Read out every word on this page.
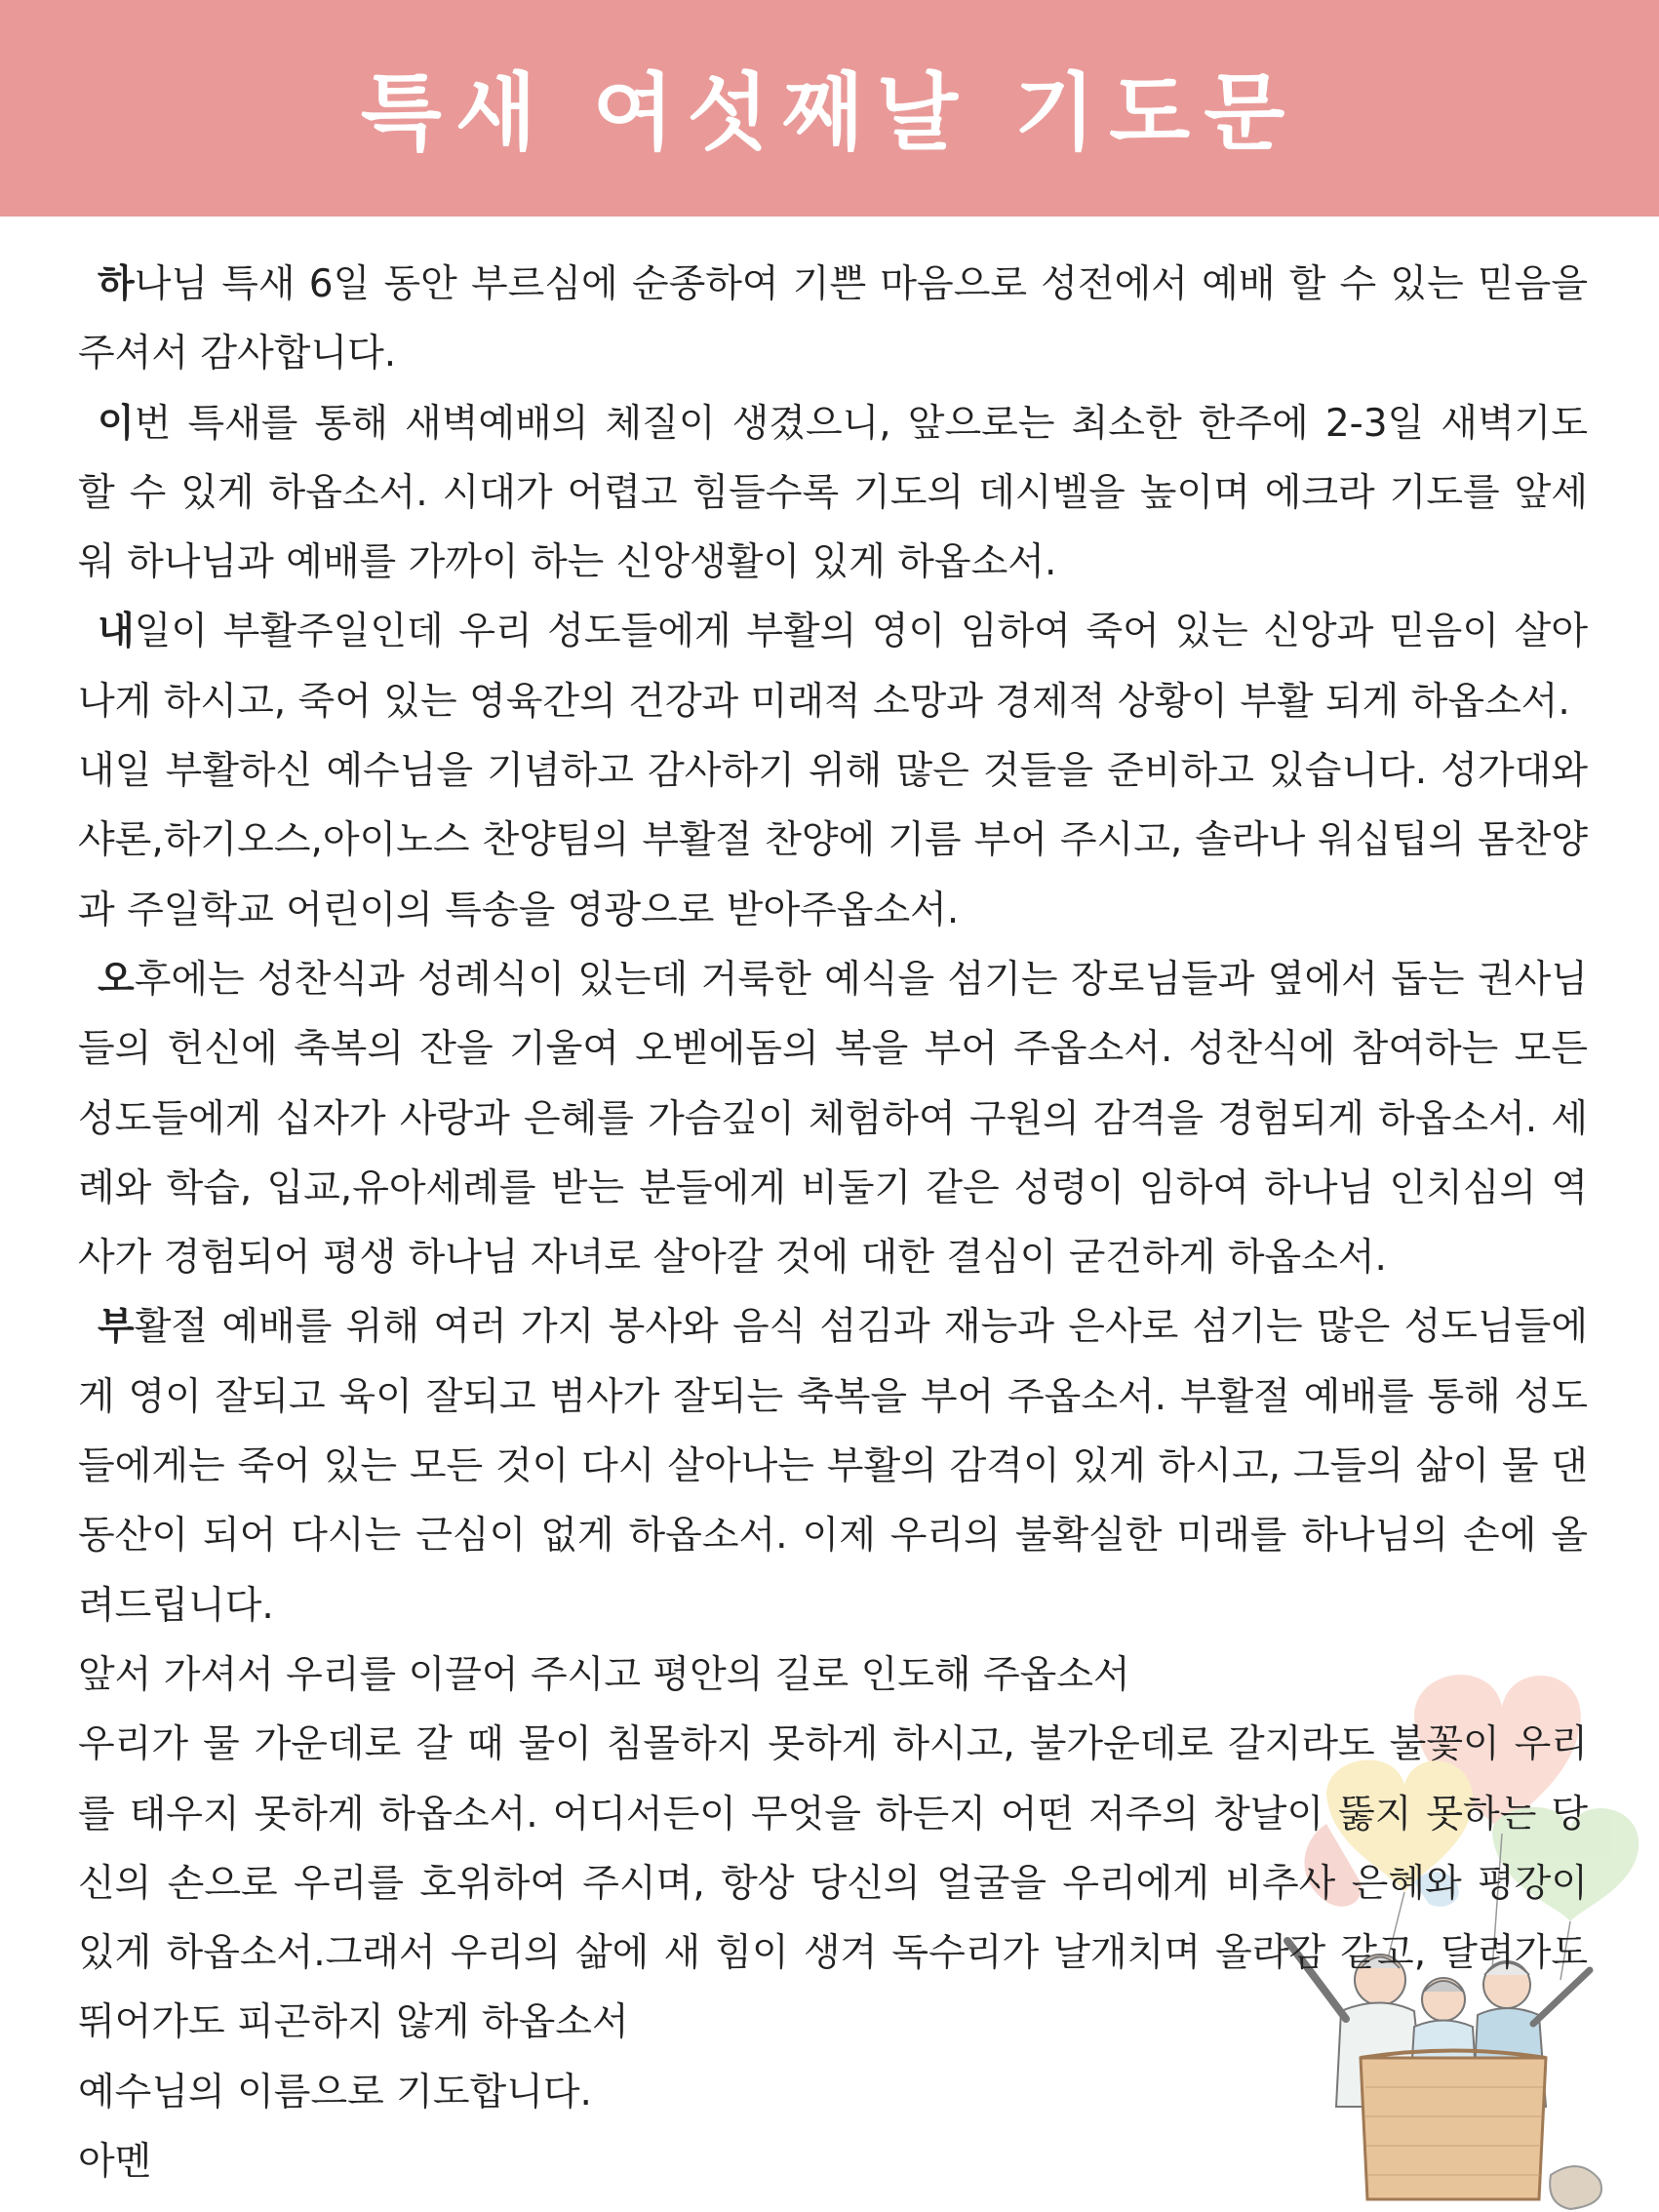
특새 여섯째날 기도문

하나님 특새 6일 동안 부르심에 순종하여 기쁜 마음으로 성전에서 예배 할 수 있는 믿음을 주셔서 감사합니다.

이번 특새를 통해 새벽예배의 체질이 생겼으니, 앞으로는 최소한 한주에 2-3일 새벽기도 할 수 있게 하옵소서. 시대가 어렵고 힘들수록 기도의 데시벨을 높이며 에크라 기도를 앞세워 하나님과 예배를 가까이 하는 신앙생활이 있게 하옵소서.

내일이 부활주일인데 우리 성도들에게 부활의 영이 임하여 죽어 있는 신앙과 믿음이 살아나게 하시고, 죽어 있는 영육간의 건강과 미래적 소망과 경제적 상황이 부활 되게 하옵소서.

내일 부활하신 예수님을 기념하고 감사하기 위해 많은 것들을 준비하고 있습니다. 성가대와 샤론,하기오스,아이노스 찬양팀의 부활절 찬양에 기름 부어 주시고, 솔라나 워십팁의 몸찬양과 주일학교 어린이의 특송을 영광으로 받아주옵소서.

오후에는 성찬식과 성례식이 있는데 거룩한 예식을 섬기는 장로님들과 옆에서 돕는 권사님들의 헌신에 축복의 잔을 기울여 오벧에돔의 복을 부어 주옵소서. 성찬식에 참여하는 모든 성도들에게 십자가 사랑과 은혜를 가슴깊이 체험하여 구원의 감격을 경험되게 하옵소서. 세례와 학습, 입교,유아세례를 받는 분들에게 비둘기 같은 성령이 임하여 하나님 인치심의 역사가 경험되어 평생 하나님 자녀로 살아갈 것에 대한 결심이 굳건하게 하옵소서.

부활절 예배를 위해 여러 가지 봉사와 음식 섬김과 재능과 은사로 섬기는 많은 성도님들에게 영이 잘되고 육이 잘되고 범사가 잘되는 축복을 부어 주옵소서. 부활절 예배를 통해 성도들에게는 죽어 있는 모든 것이 다시 살아나는 부활의 감격이 있게 하시고, 그들의 삶이 물 댄 동산이 되어 다시는 근심이 없게 하옵소서. 이제 우리의 불확실한 미래를 하나님의 손에 올려드립니다.

앞서 가셔서 우리를 이끌어 주시고 평안의 길로 인도해 주옵소서

우리가 물 가운데로 갈 때 물이 침몰하지 못하게 하시고, 불가운데로 갈지라도 불꽃이 우리를 태우지 못하게 하옵소서. 어디서든이 무엇을 하든지 어떤 저주의 창날이 뚫지 못하는 당신의 손으로 우리를 호위하여 주시며, 항상 당신의 얼굴을 우리에게 비추사 은혜와 평강이 있게 하옵소서.그래서 우리의 삶에 새 힘이 생겨 독수리가 날개치며 올라감 같고, 달려가도 뛰어가도 피곤하지 않게 하옵소서

예수님의 이름으로 기도합니다.

아멘
